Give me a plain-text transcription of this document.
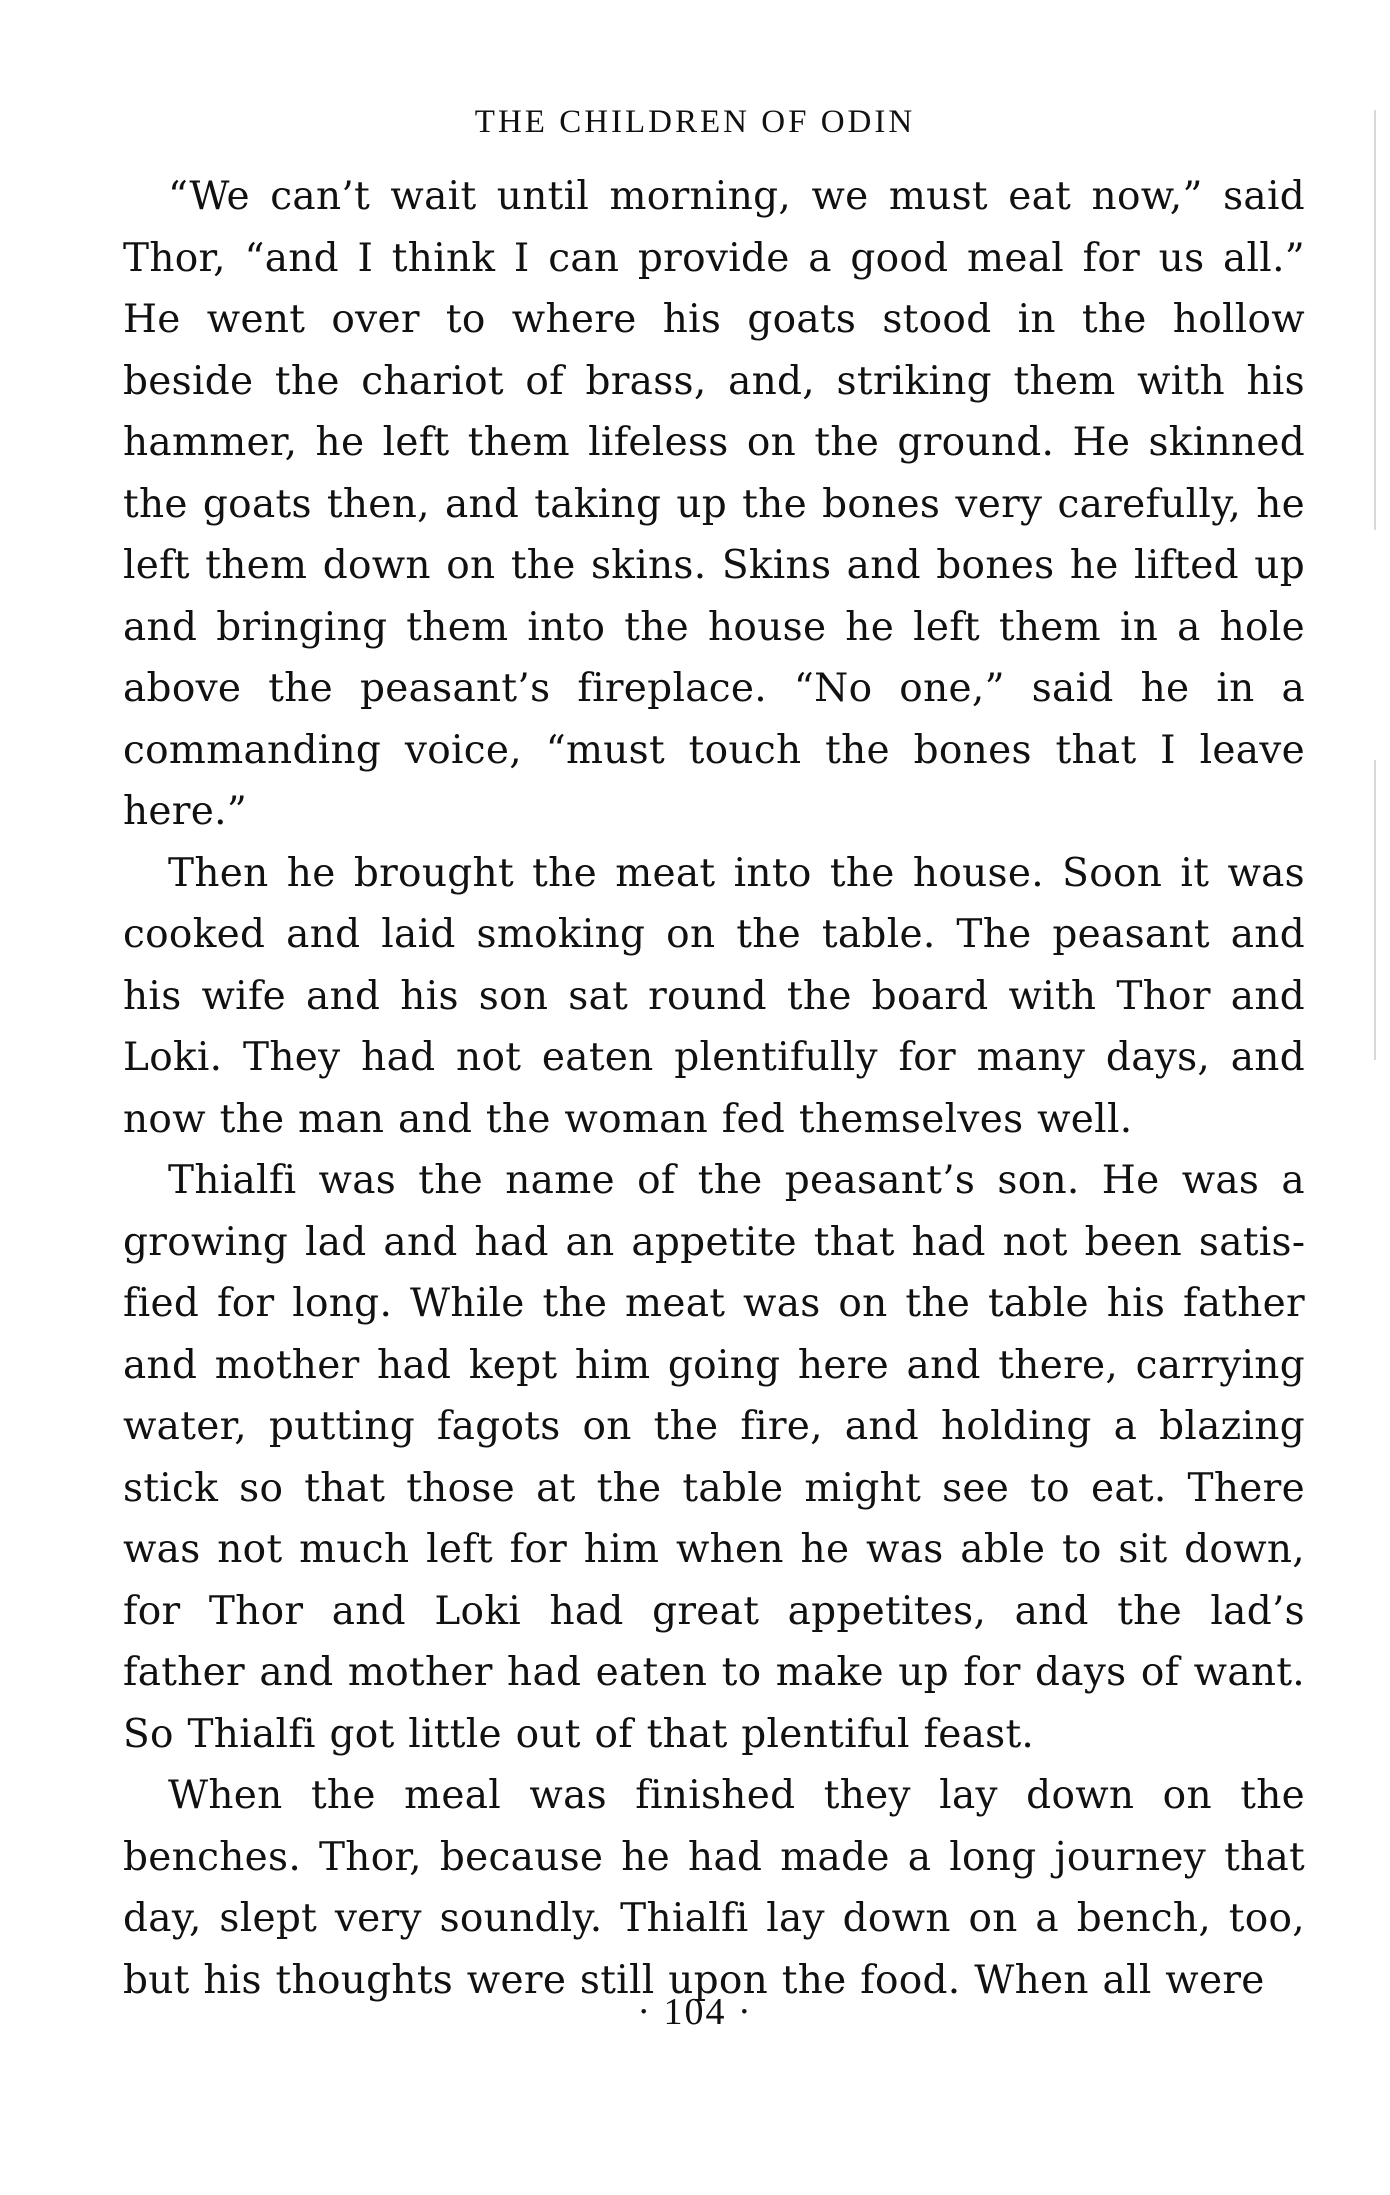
THE CHILDREN OF ODIN

“We can’t wait until morning, we must eat now,” said Thor, “and I think I can provide a good meal for us all.” He went over to where his goats stood in the hollow beside the chariot of brass, and, striking them with his hammer, he left them lifeless on the ground. He skinned the goats then, and taking up the bones very carefully, he left them down on the skins. Skins and bones he lifted up and bringing them into the house he left them in a hole above the peasant’s fireplace. “No one,” said he in a commanding voice, “must touch the bones that I leave here.”

Then he brought the meat into the house. Soon it was cooked and laid smoking on the table. The peasant and his wife and his son sat round the board with Thor and Loki. They had not eaten plentifully for many days, and now the man and the woman fed themselves well.

Thialfi was the name of the peasant’s son. He was a growing lad and had an appetite that had not been satisfied for long. While the meat was on the table his father and mother had kept him going here and there, carrying water, putting fagots on the fire, and holding a blazing stick so that those at the table might see to eat. There was not much left for him when he was able to sit down, for Thor and Loki had great appetites, and the lad’s father and mother had eaten to make up for days of want. So Thialfi got little out of that plentiful feast.

When the meal was finished they lay down on the benches. Thor, because he had made a long journey that day, slept very soundly. Thialfi lay down on a bench, too, but his thoughts were still upon the food. When all were

· 104 ·
